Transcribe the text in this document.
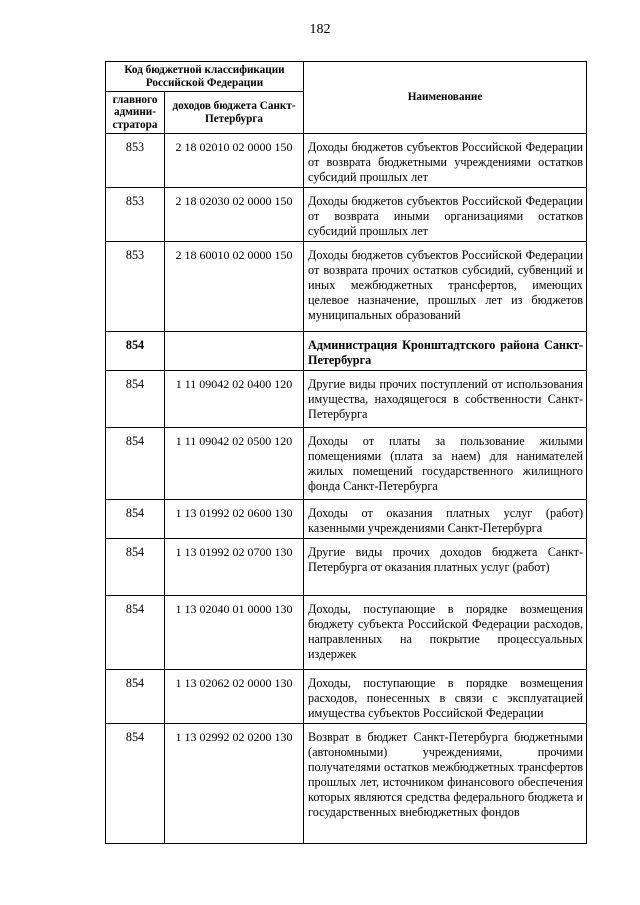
182
Код бюджетной классификации Российской Федерации		Наименование
главного админи-стратора	доходов бюджета Санкт-Петербурга	
853	2 18 02010 02 0000 150	Доходы бюджетов субъектов Российской Федерации от возврата бюджетными учреждениями остатков субсидий прошлых лет
853	2 18 02030 02 0000 150	Доходы бюджетов субъектов Российской Федерации от возврата иными организациями остатков субсидий прошлых лет
853	2 18 60010 02 0000 150	Доходы бюджетов субъектов Российской Федерации от возврата прочих остатков субсидий, субвенций и иных межбюджетных трансфертов, имеющих целевое назначение, прошлых лет из бюджетов муниципальных образований
854		Администрация Кронштадтского района Санкт-Петербурга
854	1 11 09042 02 0400 120	Другие виды прочих поступлений от использования имущества, находящегося в собственности Санкт-Петербурга
854	1 11 09042 02 0500 120	Доходы от платы за пользование жилыми помещениями (плата за наем) для нанимателей жилых помещений государственного жилищного фонда Санкт-Петербурга
854	1 13 01992 02 0600 130	Доходы от оказания платных услуг (работ) казенными учреждениями Санкт-Петербурга
854	1 13 01992 02 0700 130	Другие виды прочих доходов бюджета Санкт-Петербурга от оказания платных услуг (работ)
854	1 13 02040 01 0000 130	Доходы, поступающие в порядке возмещения бюджету субъекта Российской Федерации расходов, направленных на покрытие процессуальных издержек
854	1 13 02062 02 0000 130	Доходы, поступающие в порядке возмещения расходов, понесенных в связи с эксплуатацией имущества субъектов Российской Федерации
854	1 13 02992 02 0200 130	Возврат в бюджет Санкт-Петербурга бюджетными (автономными) учреждениями, прочими получателями остатков межбюджетных трансфертов прошлых лет, источником финансового обеспечения которых являются средства федерального бюджета и государственных внебюджетных фондов
